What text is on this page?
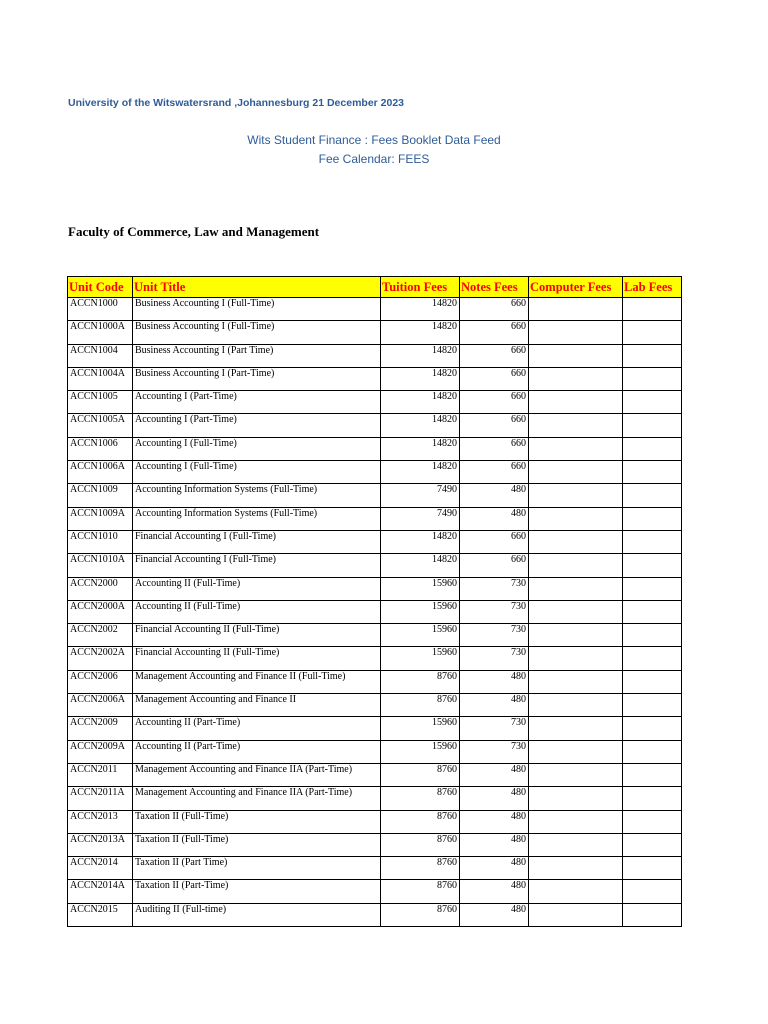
University of the Witswatersrand ,Johannesburg 21 December 2023
Wits Student Finance : Fees Booklet Data Feed
Fee Calendar: FEES
Faculty of Commerce, Law and Management
Unit Code	Unit Title	Tuition Fees	Notes Fees	Computer Fees	Lab Fees
ACCN1000	Business Accounting I (Full-Time)	14820	660		
ACCN1000A	Business Accounting I (Full-Time)	14820	660		
ACCN1004	Business Accounting I (Part Time)	14820	660		
ACCN1004A	Business Accounting I (Part-Time)	14820	660		
ACCN1005	Accounting I (Part-Time)	14820	660		
ACCN1005A	Accounting I (Part-Time)	14820	660		
ACCN1006	Accounting I (Full-Time)	14820	660		
ACCN1006A	Accounting I (Full-Time)	14820	660		
ACCN1009	Accounting Information Systems (Full-Time)	7490	480		
ACCN1009A	Accounting Information Systems (Full-Time)	7490	480		
ACCN1010	Financial Accounting I (Full-Time)	14820	660		
ACCN1010A	Financial Accounting I (Full-Time)	14820	660		
ACCN2000	Accounting II (Full-Time)	15960	730		
ACCN2000A	Accounting II (Full-Time)	15960	730		
ACCN2002	Financial Accounting II (Full-Time)	15960	730		
ACCN2002A	Financial Accounting II (Full-Time)	15960	730		
ACCN2006	Management Accounting and Finance II (Full-Time)	8760	480		
ACCN2006A	Management Accounting and Finance II	8760	480		
ACCN2009	Accounting II (Part-Time)	15960	730		
ACCN2009A	Accounting II (Part-Time)	15960	730		
ACCN2011	Management Accounting and Finance IIA (Part-Time)	8760	480		
ACCN2011A	Management Accounting and Finance IIA (Part-Time)	8760	480		
ACCN2013	Taxation II (Full-Time)	8760	480		
ACCN2013A	Taxation II (Full-Time)	8760	480		
ACCN2014	Taxation II (Part Time)	8760	480		
ACCN2014A	Taxation II (Part-Time)	8760	480		
ACCN2015	Auditing II (Full-time)	8760	480		
